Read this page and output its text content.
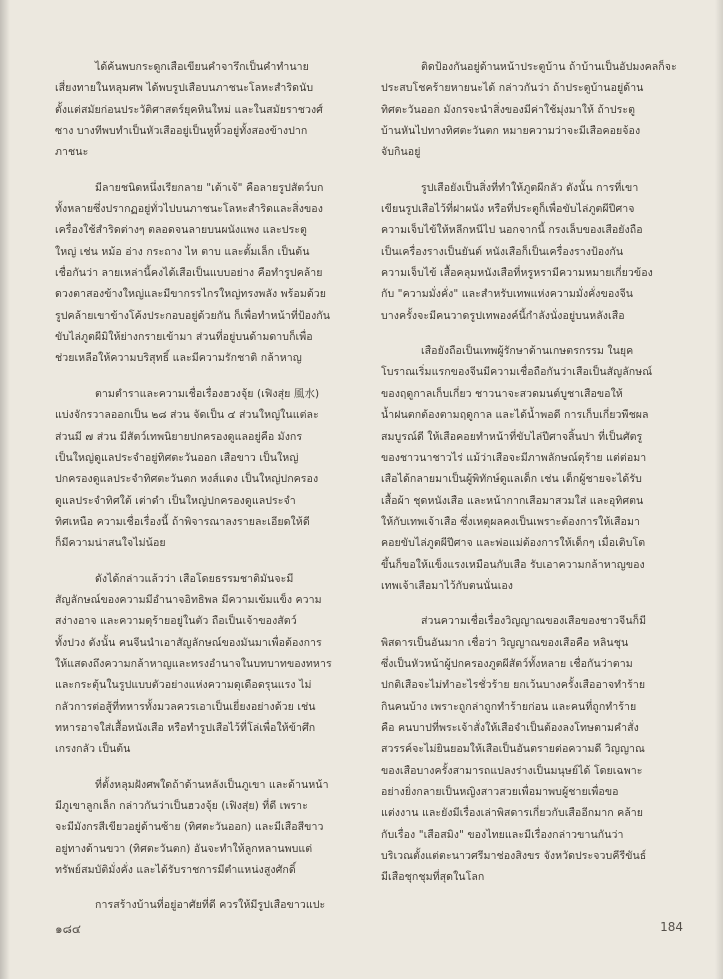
ได้ค้นพบกระดูกเสือเขียนคำจารึกเป็นคำทำนาย
เสี่ยงทายในหลุมศพ ได้พบรูปเสือบนภาชนะโลหะสำริดนับ
ตั้งแต่สมัยก่อนประวัติศาสตร์ยุคหินใหม่ และในสมัยราชวงศ์
ซาง บางทีพบทำเป็นหัวเสืออยู่เป็นหูหิ้วอยู่ทั้งสองข้างปาก
ภาชนะ
มีลายชนิดหนึ่งเรียกลาย "เต้าเจ้" คือลายรูปสัตว์บก
ทั้งหลายซึ่งปรากฏอยู่ทั่วไปบนภาชนะโลหะสำริดและสิ่งของ
เครื่องใช้สำริดต่างๆ ตลอดจนลายบนผนังแพง และประตู
ใหญ่ เช่น หม้อ อ่าง กระถาง ไห ตาบ และตั้มเล็ก เป็นต้น
เชื่อกันว่า ลายเหล่านี้คงได้เสือเป็นแบบอย่าง คือทำรูปคล้าย
ดวงตาสองข้างใหญ่และมีขากรรไกรใหญ่ทรงพลัง พร้อมด้วย
รูปคล้ายเขาข้างโค้งประกอบอยู่ด้วยกัน ก็เพื่อทำหน้าที่ป้องกัน
ขับไล่ภูตผีมิให้ย่างกรายเข้ามา ส่วนที่อยู่บนด้ามดาบก็เพื่อ
ช่วยเหลือให้ความบริสุทธิ์ และมีความรักชาติ กล้าหาญ
ตามตำราและความเชื่อเรื่องฮวงจุ้ย (เฟิงสุ่ย 風水)
แบ่งจักรวาลออกเป็น ๒๘ ส่วน จัดเป็น ๔ ส่วนใหญ่ในแต่ละ
ส่วนมี ๗ ส่วน มีสัตว์เทพนิยายปกครองดูแลอยู่คือ มังกร
เป็นใหญ่ดูแลประจำอยู่ทิศตะวันออก เสือขาว เป็นใหญ่
ปกครองดูแลประจำทิศตะวันตก หงส์แดง เป็นใหญ่ปกครอง
ดูแลประจำทิศใต้ เต่าดำ เป็นใหญ่ปกครองดูแลประจำ
ทิศเหนือ ความเชื่อเรื่องนี้ ถ้าพิจารณาลงรายละเอียดให้ดี
ก็มีความน่าสนใจไม่น้อย
ดังได้กล่าวแล้วว่า เสือโดยธรรมชาติมันจะมี
สัญลักษณ์ของความมีอำนาจอิทธิพล มีความเข้มแข็ง ความ
สง่างอาจ และความดุร้ายอยู่ในตัว ถือเป็นเจ้าของสัตว์
ทั้งปวง ดังนั้น คนจีนนำเอาสัญลักษณ์ของมันมาเพื่อต้องการ
ให้แสดงถึงความกล้าหาญและทรงอำนาจในบทบาทของทหาร
และกระตุ้นในรูปแบบตัวอย่างแห่งความดุเดือดรุนแรง ไม่
กลัวการต่อสู้ที่ทหารทั้งมวลควรเอาเป็นเยี่ยงอย่างด้วย เช่น
ทหารอาจใส่เสื้อหนังเสือ หรือทำรูปเสือไว้ที่โล่เพื่อให้ข้าศึก
เกรงกลัว เป็นต้น
ที่ตั้งหลุมฝังศพใดถ้าด้านหลังเป็นภูเขา และด้านหน้า
มีภูเขาลูกเล็ก กล่าวกันว่าเป็นฮวงจุ้ย (เฟิงสุ่ย) ที่ดี เพราะ
จะมีมังกรสีเขียวอยู่ด้านซ้าย (ทิศตะวันออก) และมีเสือสีขาว
อยู่ทางด้านขวา (ทิศตะวันตก) อันจะทำให้ลูกหลานพบแต่
ทรัพย์สมบัติมั่งคั่ง และได้รับราชการมีตำแหน่งสูงศักดิ์
การสร้างบ้านที่อยู่อาศัยที่ดี ควรให้มีรูปเสือขาวแปะ
ติดป้องกันอยู่ด้านหน้าประตูบ้าน ถ้าบ้านเป็นอัปมงคลก็จะ
ประสบโชคร้ายหายนะได้ กล่าวกันว่า ถ้าประตูบ้านอยู่ด้าน
ทิศตะวันออก มังกรจะนำสิ่งของมีค่าใช้มุ่งมาให้ ถ้าประตู
บ้านหันไปทางทิศตะวันตก หมายความว่าจะมีเสือคอยจ้อง
จับกินอยู่
รูปเสือยังเป็นสิ่งที่ทำให้ภูตผีกลัว ดังนั้น การที่เขา
เขียนรูปเสือไว้ที่ฝาผนัง หรือที่ประตูก็เพื่อขับไล่ภูตผีปีศาจ
ความเจ็บไข้ให้หลีกหนีไป นอกจากนี้ กรงเล็บของเสือยังถือ
เป็นเครื่องรางเป็นยันต์ หนังเสือก็เป็นเครื่องรางป้องกัน
ความเจ็บไข้ เสื้อคลุมหนังเสือที่หรูหรามีความหมายเกี่ยวข้อง
กับ "ความมั่งคั่ง" และสำหรับเทพแห่งความมั่งคั่งของจีน
บางครั้งจะมีคนวาดรูปเทพองค์นี้กำลังนั่งอยู่บนหลังเสือ
เสือยังถือเป็นเทพผู้รักษาด้านเกษตรกรรม ในยุค
โบราณเริ่มแรกของจีนมีความเชื่อถือกันว่าเสือเป็นสัญลักษณ์
ของฤดูกาลเก็บเกี่ยว ชาวนาจะสวดมนต์บูชาเสือขอให้
น้ำฝนตกต้องตามฤดูกาล และได้น้ำพอดี การเก็บเกี่ยวพืชผล
สมบูรณ์ดี ให้เสือคอยทำหน้าที่ขับไล่ปีศาจสิ้นปา ที่เป็นศัตรู
ของชาวนาชาวไร่ แม้ว่าเสือจะมีภาพลักษณ์ดุร้าย แต่ต่อมา
เสือได้กลายมาเป็นผู้พิทักษ์ดูแลเด็ก เช่น เด็กผู้ชายจะได้รับ
เสื้อผ้า ชุดหนังเสือ และหน้ากากเสือมาสวมใส่ และอุทิศตน
ให้กับเทพเจ้าเสือ ซึ่งเหตุผลคงเป็นเพราะต้องการให้เสือมา
คอยขับไล่ภูตผีปีศาจ และพ่อแม่ต้องการให้เด็กๆ เมื่อเติบโต
ขึ้นก็ขอให้แข็งแรงเหมือนกับเสือ รับเอาความกล้าหาญของ
เทพเจ้าเสือมาไว้กับตนนั่นเอง
ส่วนความเชื่อเรื่องวิญญาณของเสือของชาวจีนก็มี
พิสดารเป็นอันมาก เชื่อว่า วิญญาณของเสือคือ หลินชุน
ซึ่งเป็นหัวหน้าผู้ปกครองภูตผีสัตว์ทั้งหลาย เชื่อกันว่าตาม
ปกติเสือจะไม่ทำอะไรชั่วร้าย ยกเว้นบางครั้งเสืออาจทำร้าย
กินคนบ้าง เพราะถูกล่าถูกทำร้ายก่อน และคนที่ถูกทำร้าย
คือ คนบาปที่พระเจ้าสั่งให้เสือจำเป็นต้องลงโทษตามคำสั่ง
สวรรค์จะไม่ยินยอมให้เสือเป็นอันตรายต่อความดี วิญญาณ
ของเสือบางครั้งสามารถแปลงร่างเป็นมนุษย์ได้ โดยเฉพาะ
อย่างยิ่งกลายเป็นหญิงสาวสวยเพื่อมาพบผู้ชายเพื่อขอ
แต่งงาน และยังมีเรื่องเล่าพิสดารเกี่ยวกับเสืออีกมาก คล้าย
กับเรื่อง "เสือสมิง" ของไทยและมีเรื่องกล่าวขานกันว่า
บริเวณตั้งแต่ตะนาวศรีมาช่องสิงขร จังหวัดประจวบคีรีขันธ์
มีเสือชุกชุมที่สุดในโลก
๑๘๔	184
